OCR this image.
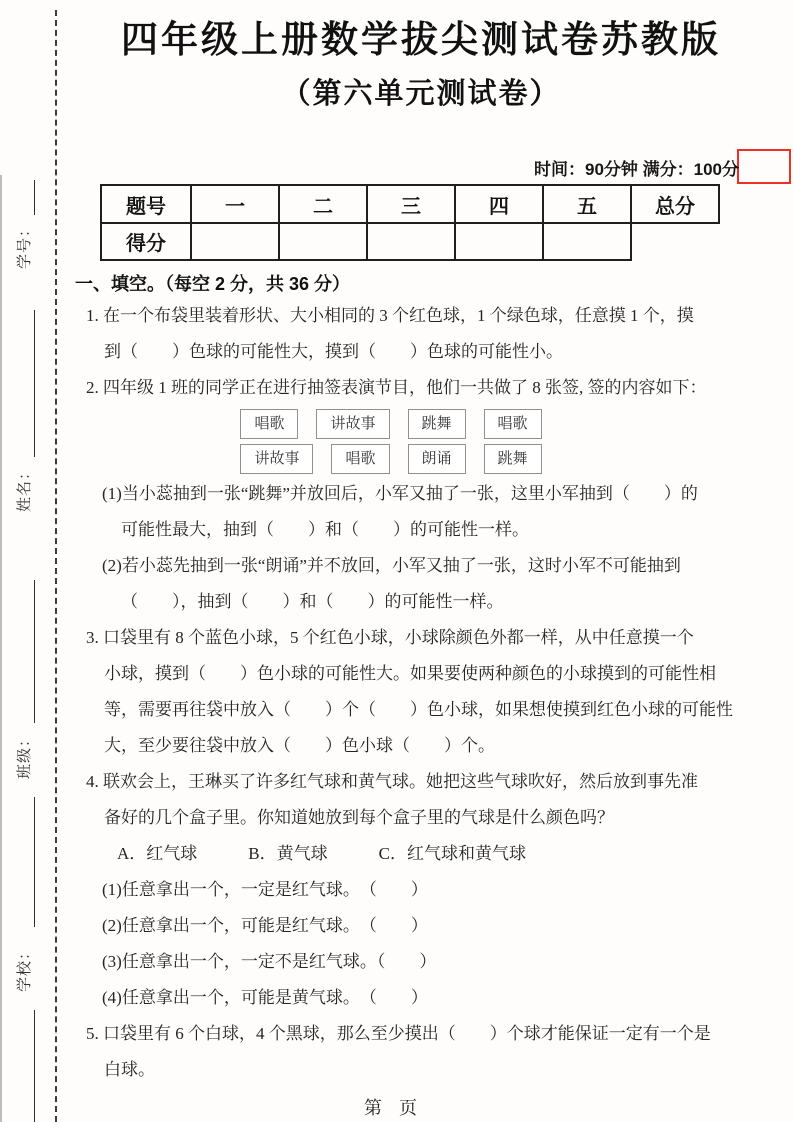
学号：
姓名：
班级：
学校：
四年级上册数学拔尖测试卷苏教版
（第六单元测试卷）
时间：90分钟 满分：100分
题号	一	二	三	四	五	总分
得分						
一、填空。（每空 2 分，共 36 分）
1. 在一个布袋里装着形状、大小相同的 3 个红色球，1 个绿色球，任意摸 1 个，摸
到（　　）色球的可能性大，摸到（　　）色球的可能性小。
2. 四年级 1 班的同学正在进行抽签表演节目，他们一共做了 8 张签, 签的内容如下：
唱歌	讲故事	跳舞	唱歌
讲故事	唱歌	朗诵	跳舞
(1)当小蕊抽到一张“跳舞”并放回后，小军又抽了一张，这里小军抽到（　　）的
可能性最大，抽到（　　）和（　　）的可能性一样。
(2)若小蕊先抽到一张“朗诵”并不放回，小军又抽了一张，这时小军不可能抽到
（　　），抽到（　　）和（　　）的可能性一样。
3. 口袋里有 8 个蓝色小球，5 个红色小球，小球除颜色外都一样，从中任意摸一个
小球，摸到（　　）色小球的可能性大。如果要使两种颜色的小球摸到的可能性相
等，需要再往袋中放入（　　）个（　　）色小球，如果想使摸到红色小球的可能性
大，至少要往袋中放入（　　）色小球（　　）个。
4. 联欢会上，王琳买了许多红气球和黄气球。她把这些气球吹好，然后放到事先准
备好的几个盒子里。你知道她放到每个盒子里的气球是什么颜色吗？
A．红气球　　　B．黄气球　　　C．红气球和黄气球
(1)任意拿出一个，一定是红气球。　（　　）
(2)任意拿出一个，可能是红气球。　（　　）
(3)任意拿出一个，一定不是红气球。（　　）
(4)任意拿出一个，可能是黄气球。　（　　）
5. 口袋里有 6 个白球，4 个黑球，那么至少摸出（　　）个球才能保证一定有一个是
白球。
第 页
